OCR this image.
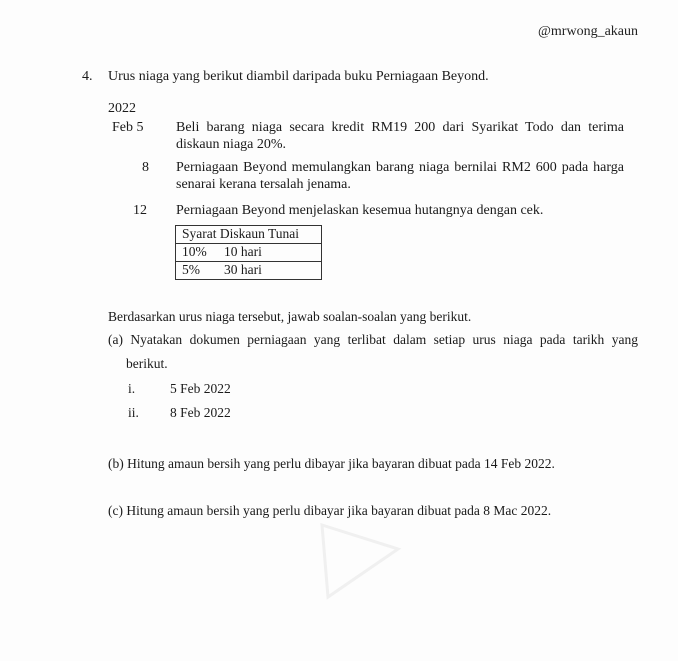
@mrwong_akaun
4. Urus niaga yang berikut diambil daripada buku Perniagaan Beyond.
2022
Feb 5 Beli barang niaga secara kredit RM19 200 dari Syarikat Todo dan terima
diskaun niaga 20%.
8 Perniagaan Beyond memulangkan barang niaga bernilai RM2 600 pada harga
senarai kerana tersalah jenama.
12 Perniagaan Beyond menjelaskan kesemua hutangnya dengan cek.
Syarat Diskaun Tunai	
10%	10 hari
5%	30 hari
Berdasarkan urus niaga tersebut, jawab soalan-soalan yang berikut.
(a) Nyatakan dokumen perniagaan yang terlibat dalam setiap urus niaga pada tarikh yang
berikut.
i.	5 Feb 2022
ii. 8 Feb 2022
(b) Hitung amaun bersih yang perlu dibayar jika bayaran dibuat pada 14 Feb 2022.
(c) Hitung amaun bersih yang perlu dibayar jika bayaran dibuat pada 8 Mac 2022.
